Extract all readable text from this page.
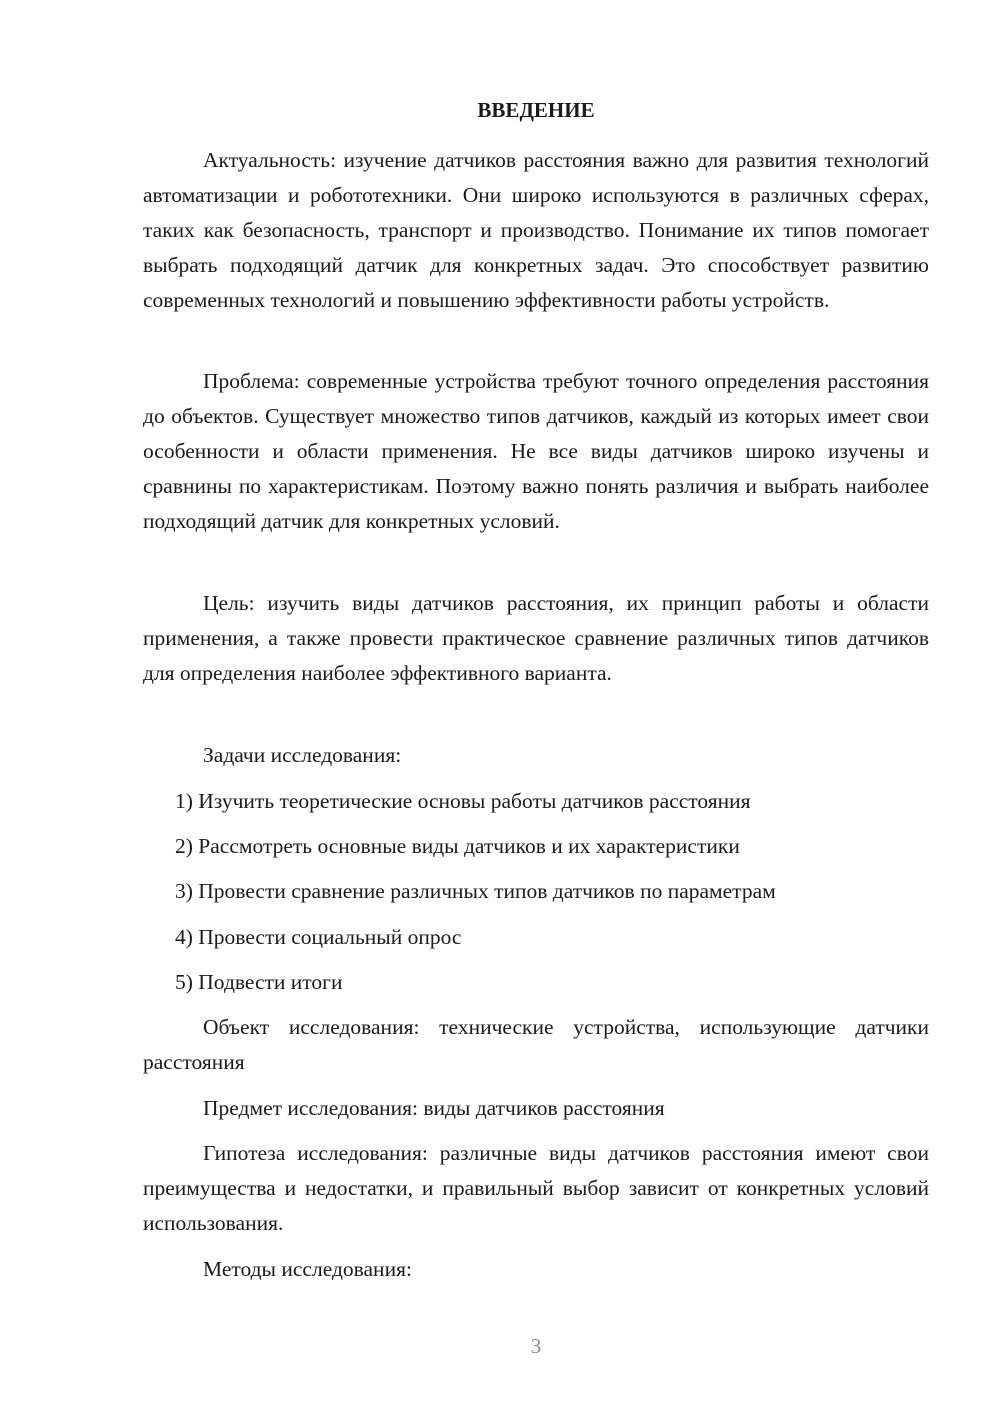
ВВЕДЕНИЕ

Актуальность: изучение датчиков расстояния важно для развития технологий автоматизации и робототехники. Они широко используются в различных сферах, таких как безопасность, транспорт и производство. Понимание их типов помогает выбрать подходящий датчик для конкретных задач. Это способствует развитию современных технологий и повышению эффективности работы устройств.

Проблема: современные устройства требуют точного определения расстояния до объектов. Существует множество типов датчиков, каждый из которых имеет свои особенности и области применения. Не все виды датчиков широко изучены и сравнины по характеристикам. Поэтому важно понять различия и выбрать наиболее подходящий датчик для конкретных условий.

Цель: изучить виды датчиков расстояния, их принцип работы и области применения, а также провести практическое сравнение различных типов датчиков для определения наиболее эффективного варианта.

Задачи исследования:

1) Изучить теоретические основы работы датчиков расстояния

2) Рассмотреть основные виды датчиков и их характеристики

3) Провести сравнение различных типов датчиков по параметрам

4) Провести социальный опрос

5) Подвести итоги

Объект исследования: технические устройства, использующие датчики расстояния

Предмет исследования: виды датчиков расстояния

Гипотеза исследования: различные виды датчиков расстояния имеют свои преимущества и недостатки, и правильный выбор зависит от конкретных условий использования.

Методы исследования:

3
